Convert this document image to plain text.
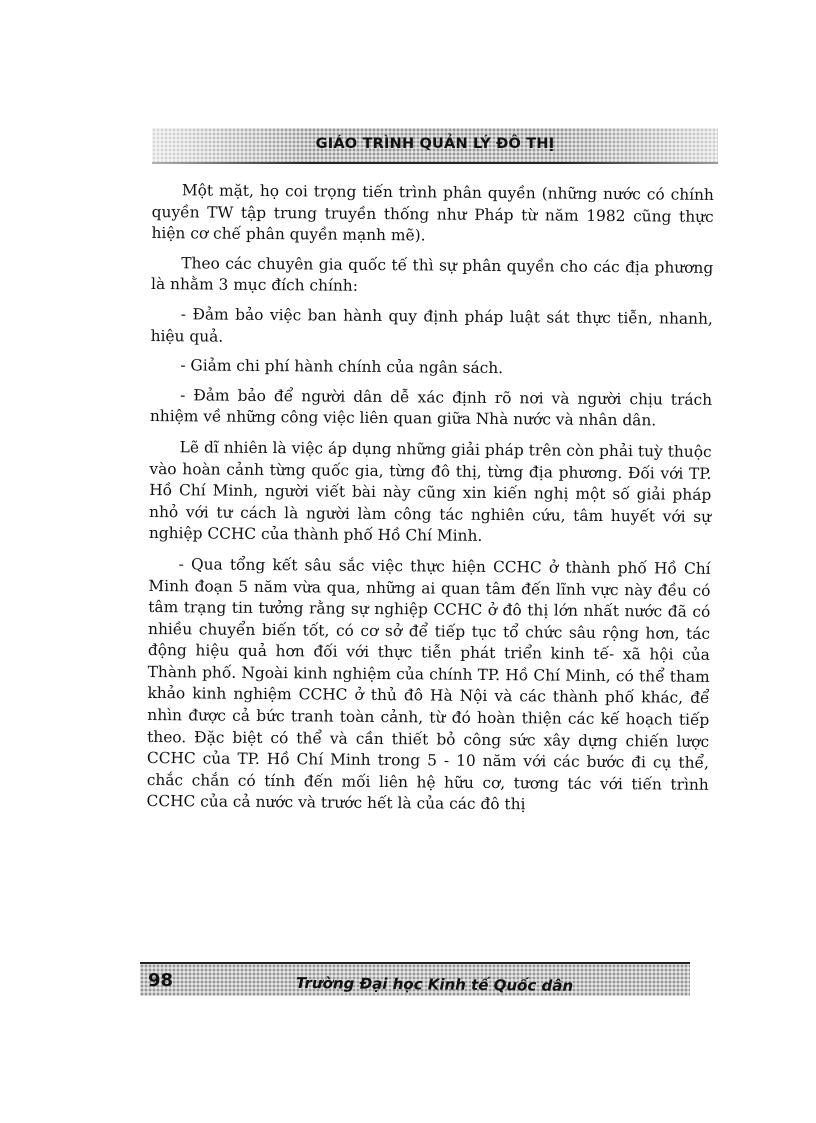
GIÁO TRÌNH QUẢN LÝ ĐÔ THỊ

Một mặt, họ coi trọng tiến trình phân quyền (những nước có chính quyền TW tập trung truyền thống như Pháp từ năm 1982 cũng thực hiện cơ chế phân quyền mạnh mẽ).

Theo các chuyên gia quốc tế thì sự phân quyền cho các địa phương là nhằm 3 mục đích chính:

- Đảm bảo việc ban hành quy định pháp luật sát thực tiễn, nhanh, hiệu quả.

- Giảm chi phí hành chính của ngân sách.

- Đảm bảo để người dân dễ xác định rõ nơi và người chịu trách nhiệm về những công việc liên quan giữa Nhà nước và nhân dân.

Lẽ dĩ nhiên là việc áp dụng những giải pháp trên còn phải tuỳ thuộc vào hoàn cảnh từng quốc gia, từng đô thị, từng địa phương. Đối với TP. Hồ Chí Minh, người viết bài này cũng xin kiến nghị một số giải pháp nhỏ với tư cách là người làm công tác nghiên cứu, tâm huyết với sự nghiệp CCHC của thành phố Hồ Chí Minh.

- Qua tổng kết sâu sắc việc thực hiện CCHC ở thành phố Hồ Chí Minh đoạn 5 năm vừa qua, những ai quan tâm đến lĩnh vực này đều có tâm trạng tin tưởng rằng sự nghiệp CCHC ở đô thị lớn nhất nước đã có nhiều chuyển biến tốt, có cơ sở để tiếp tục tổ chức sâu rộng hơn, tác động hiệu quả hơn đối với thực tiễn phát triển kinh tế- xã hội của Thành phố. Ngoài kinh nghiệm của chính TP. Hồ Chí Minh, có thể tham khảo kinh nghiệm CCHC ở thủ đô Hà Nội và các thành phố khác, để nhìn được cả bức tranh toàn cảnh, từ đó hoàn thiện các kế hoạch tiếp theo. Đặc biệt có thể và cần thiết bỏ công sức xây dựng chiến lược CCHC của TP. Hồ Chí Minh trong 5 - 10 năm với các bước đi cụ thể, chắc chắn có tính đến mối liên hệ hữu cơ, tương tác với tiến trình CCHC của cả nước và trước hết là của các đô thị

98	Trường Đại học Kinh tế Quốc dân
